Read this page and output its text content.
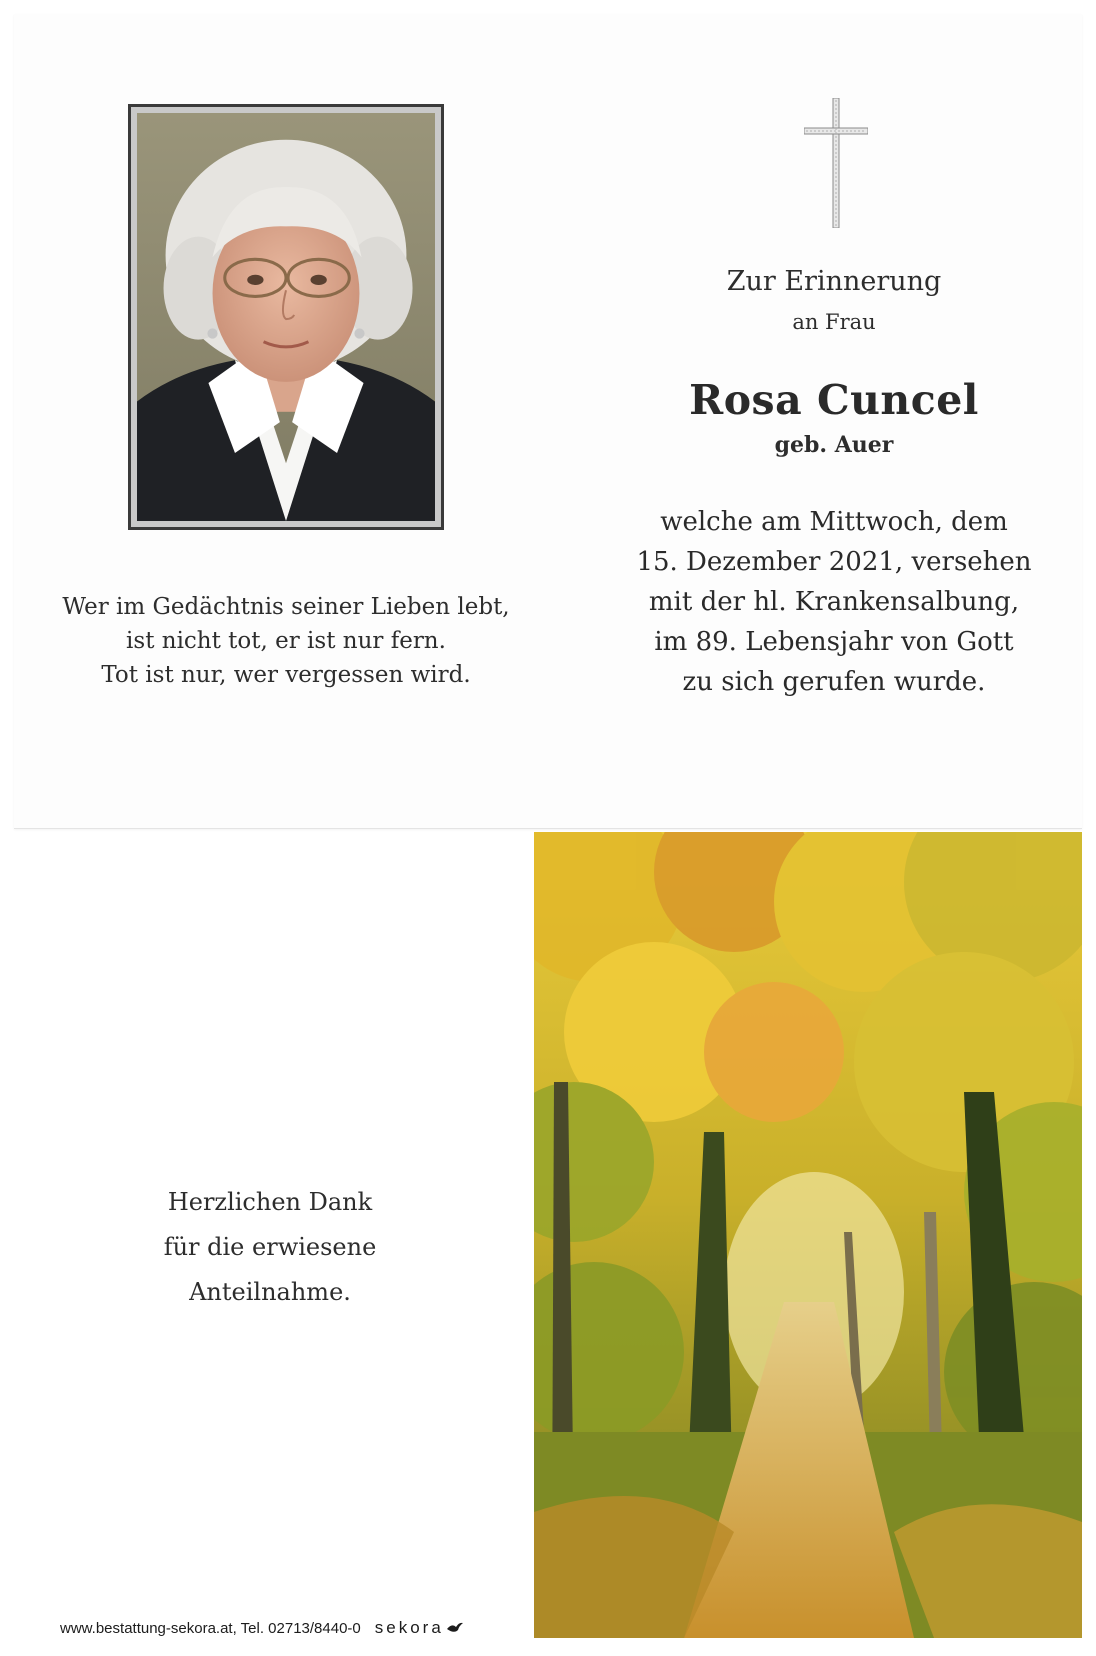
Wer im Gedächtnis seiner Lieben lebt,
ist nicht tot, er ist nur fern.
Tot ist nur, wer vergessen wird.
Zur Erinnerung
an Frau
Rosa Cuncel
geb. Auer
welche am Mittwoch, dem
15. Dezember 2021, versehen
mit der hl. Krankensalbung,
im 89. Lebensjahr von Gott
zu sich gerufen wurde.
Herzlichen Dank
für die erwiesene
Anteilnahme.
www.bestattung-sekora.at, Tel. 02713/8440-0 sekora
